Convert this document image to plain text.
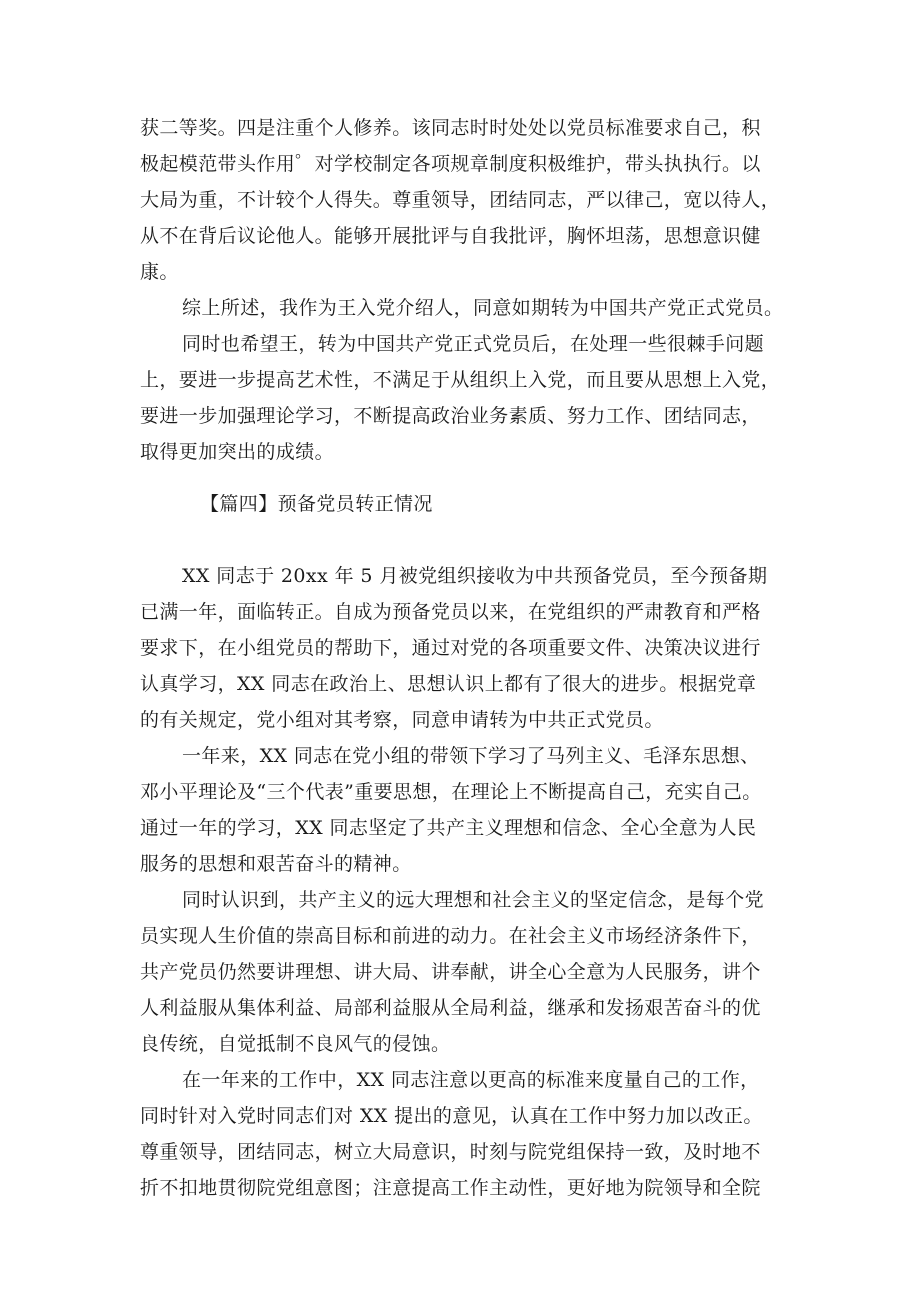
获二等奖。四是注重个人修养。该同志时时处处以党员标准要求自己，积
极起模范带头作用゜对学校制定各项规章制度积极维护，带头执执行。以
大局为重，不计较个人得失。尊重领导，团结同志，严以律己，宽以待人，
从不在背后议论他人。能够开展批评与自我批评，胸怀坦荡，思想意识健
康。
综上所述，我作为王入党介绍人，同意如期转为中国共产党正式党员。
同时也希望王，转为中国共产党正式党员后，在处理一些很棘手问题
上，要进一步提高艺术性，不满足于从组织上入党，而且要从思想上入党，
要进一步加强理论学习，不断提高政治业务素质、努力工作、团结同志，
取得更加突出的成绩。
【篇四】预备党员转正情况
XX 同志于 20xx 年 5 月被党组织接收为中共预备党员，至今预备期
已满一年，面临转正。自成为预备党员以来，在党组织的严肃教育和严格
要求下，在小组党员的帮助下，通过对党的各项重要文件、决策决议进行
认真学习，XX 同志在政治上、思想认识上都有了很大的进步。根据党章
的有关规定，党小组对其考察，同意申请转为中共正式党员。
一年来，XX 同志在党小组的带领下学习了马列主义、毛泽东思想、
邓小平理论及“三个代表”重要思想，在理论上不断提高自己，充实自己。
通过一年的学习，XX 同志坚定了共产主义理想和信念、全心全意为人民
服务的思想和艰苦奋斗的精神。
同时认识到，共产主义的远大理想和社会主义的坚定信念，是每个党
员实现人生价值的崇高目标和前进的动力。在社会主义市场经济条件下，
共产党员仍然要讲理想、讲大局、讲奉献，讲全心全意为人民服务，讲个
人利益服从集体利益、局部利益服从全局利益，继承和发扬艰苦奋斗的优
良传统，自觉抵制不良风气的侵蚀。
在一年来的工作中，XX 同志注意以更高的标准来度量自己的工作，
同时针对入党时同志们对 XX 提出的意见，认真在工作中努力加以改正。
尊重领导，团结同志，树立大局意识，时刻与院党组保持一致，及时地不
折不扣地贯彻院党组意图；注意提高工作主动性，更好地为院领导和全院
